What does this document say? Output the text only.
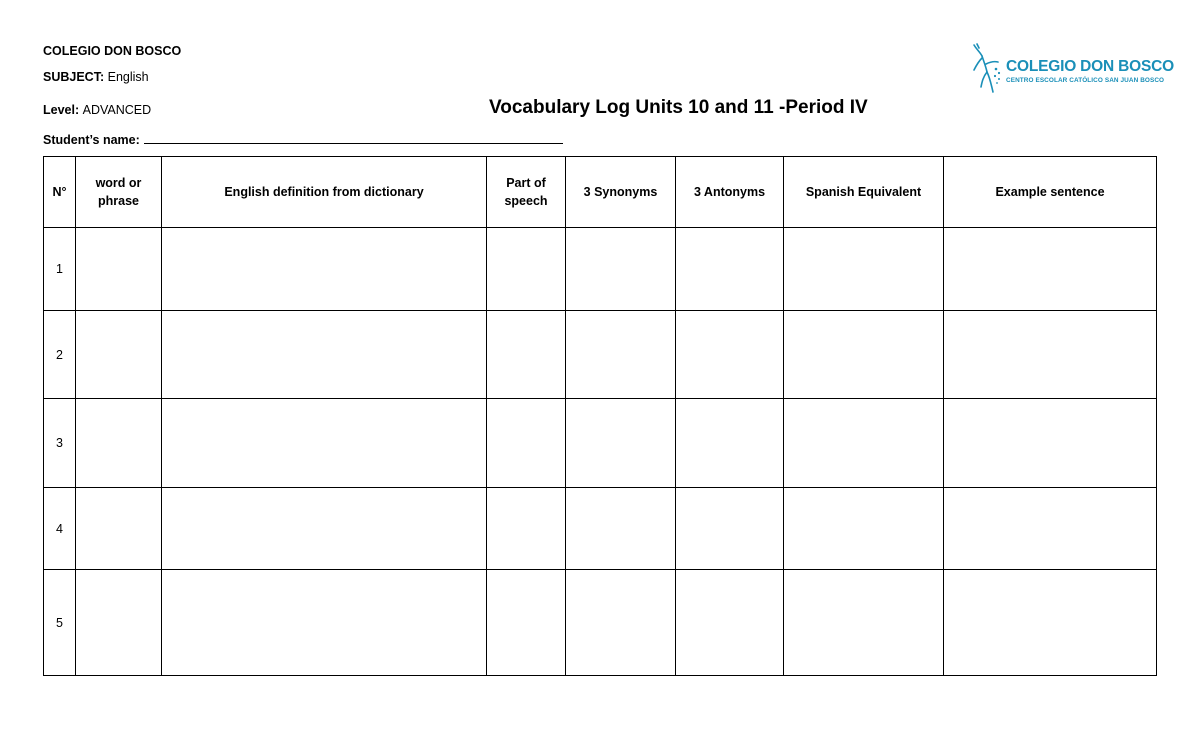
COLEGIO DON BOSCO
SUBJECT: English
Level: ADVANCED
Student’s name:
Vocabulary Log Units 10 and 11 -Period IV
COLEGIO DON BOSCO
CENTRO ESCOLAR CATÓLICO SAN JUAN BOSCO
N°	word or phrase	English definition from dictionary	Part of speech	3 Synonyms	3 Antonyms	Spanish Equivalent	Example sentence
1							
2							
3							
4							
5							
